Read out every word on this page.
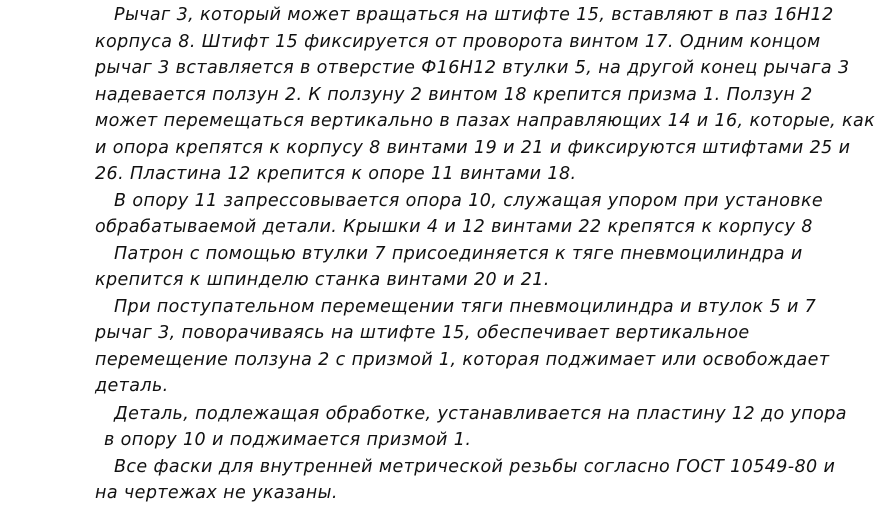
Рычаг 3, который может вращаться на штифте 15, вставляют в паз 16H12
корпуса 8. Штифт 15 фиксируется от проворота винтом 17. Одним концом
рычаг 3 вставляется в отверстие Ф16H12 втулки 5, на другой конец рычага 3
надевается ползун 2. К ползуну 2 винтом 18 крепится призма 1. Ползун 2
может перемещаться вертикально в пазах направляющих 14 и 16, которые, как
и опора крепятся к корпусу 8 винтами 19 и 21 и фиксируются штифтами 25 и
26. Пластина 12 крепится к опоре 11 винтами 18.
В опору 11 запрессовывается опора 10, служащая упором при установке
обрабатываемой детали. Крышки 4 и 12 винтами 22 крепятся к корпусу 8
Патрон с помощью втулки 7 присоединяется к тяге пневмоцилиндра и
крепится к шпинделю станка винтами 20 и 21.
При поступательном перемещении тяги пневмоцилиндра и втулок 5 и 7
рычаг 3, поворачиваясь на штифте 15, обеспечивает вертикальное
перемещение ползуна 2 с призмой 1, которая поджимает или освобождает
деталь.
Деталь, подлежащая обработке, устанавливается на пластину 12 до упора
в опору 10 и поджимается призмой 1.
Все фаски для внутренней метрической резьбы согласно ГОСТ 10549-80 и
на чертежах не указаны.
